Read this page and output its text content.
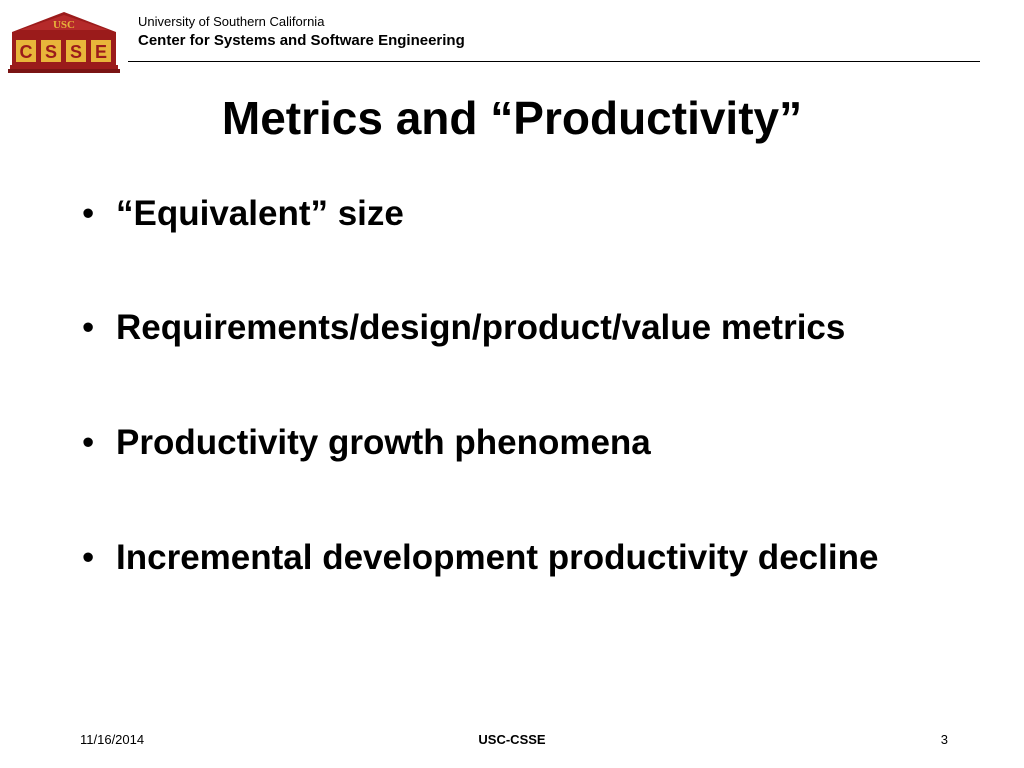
USC
C S S E
University of Southern California
Center for Systems and Software Engineering
Metrics and “Productivity”
• “Equivalent” size
• Requirements/design/product/value metrics
• Productivity growth phenomena
• Incremental development productivity decline
11/16/2014	USC-CSSE	3
